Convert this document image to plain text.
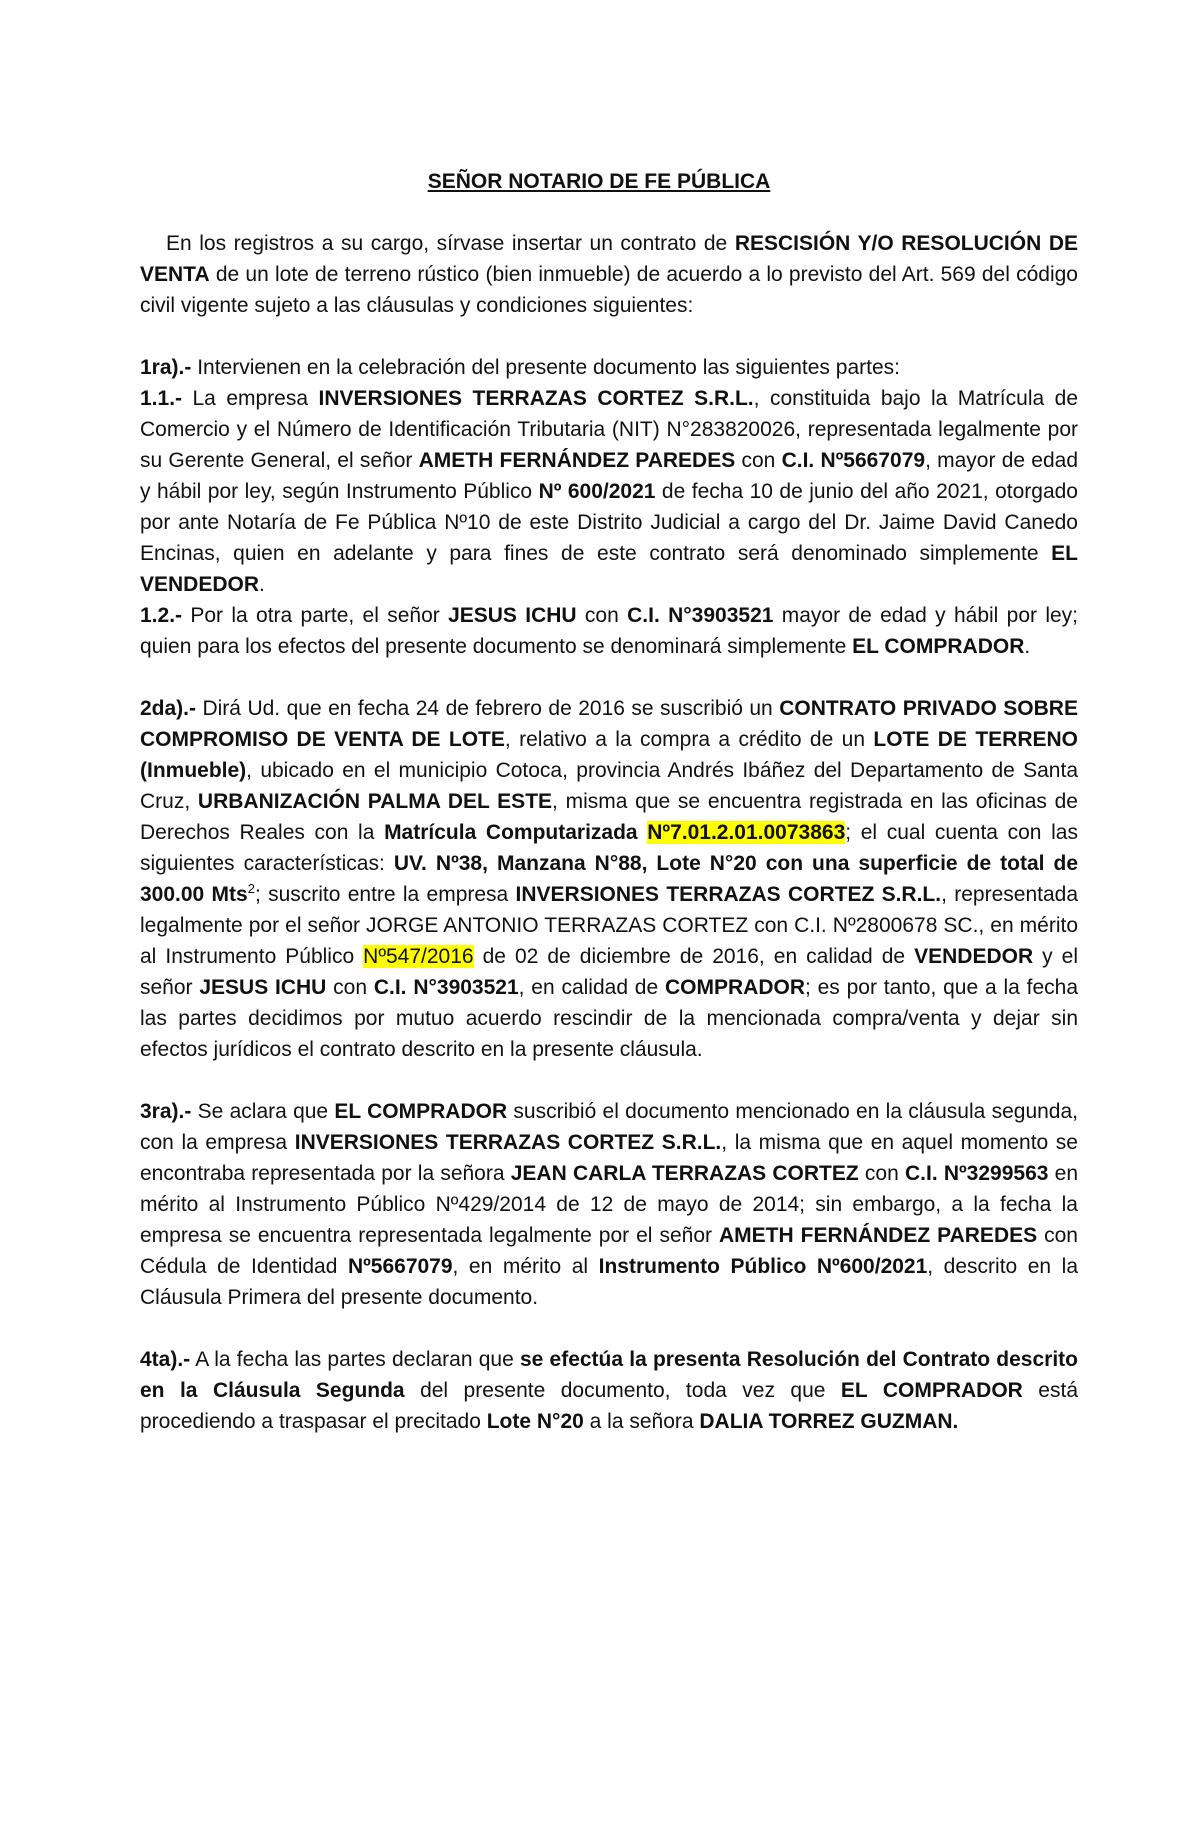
SEÑOR NOTARIO DE FE PÚBLICA

En los registros a su cargo, sírvase insertar un contrato de RESCISIÓN Y/O RESOLUCIÓN DE VENTA de un lote de terreno rústico (bien inmueble) de acuerdo a lo previsto del Art. 569 del código civil vigente sujeto a las cláusulas y condiciones siguientes:

1ra).- Intervienen en la celebración del presente documento las siguientes partes:

1.1.- La empresa INVERSIONES TERRAZAS CORTEZ S.R.L., constituida bajo la Matrícula de Comercio y el Número de Identificación Tributaria (NIT) N°283820026, representada legalmente por su Gerente General, el señor AMETH FERNÁNDEZ PAREDES con C.I. Nº5667079, mayor de edad y hábil por ley, según Instrumento Público Nº 600/2021 de fecha 10 de junio del año 2021, otorgado por ante Notaría de Fe Pública Nº10 de este Distrito Judicial a cargo del Dr. Jaime David Canedo Encinas, quien en adelante y para fines de este contrato será denominado simplemente EL VENDEDOR.

1.2.- Por la otra parte, el señor JESUS ICHU con C.I. N°3903521 mayor de edad y hábil por ley; quien para los efectos del presente documento se denominará simplemente EL COMPRADOR.

2da).- Dirá Ud. que en fecha 24 de febrero de 2016 se suscribió un CONTRATO PRIVADO SOBRE COMPROMISO DE VENTA DE LOTE, relativo a la compra a crédito de un LOTE DE TERRENO (Inmueble), ubicado en el municipio Cotoca, provincia Andrés Ibáñez del Departamento de Santa Cruz, URBANIZACIÓN PALMA DEL ESTE, misma que se encuentra registrada en las oficinas de Derechos Reales con la Matrícula Computarizada Nº7.01.2.01.0073863; el cual cuenta con las siguientes características: UV. Nº38, Manzana N°88, Lote N°20 con una superficie de total de 300.00 Mts$^2$; suscrito entre la empresa INVERSIONES TERRAZAS CORTEZ S.R.L., representada legalmente por el señor JORGE ANTONIO TERRAZAS CORTEZ con C.I. Nº2800678 SC., en mérito al Instrumento Público Nº547/2016 de 02 de diciembre de 2016, en calidad de VENDEDOR y el señor JESUS ICHU con C.I. N°3903521, en calidad de COMPRADOR; es por tanto, que a la fecha las partes decidimos por mutuo acuerdo rescindir de la mencionada compra/venta y dejar sin efectos jurídicos el contrato descrito en la presente cláusula.

3ra).- Se aclara que EL COMPRADOR suscribió el documento mencionado en la cláusula segunda, con la empresa INVERSIONES TERRAZAS CORTEZ S.R.L., la misma que en aquel momento se encontraba representada por la señora JEAN CARLA TERRAZAS CORTEZ con C.I. Nº3299563 en mérito al Instrumento Público Nº429/2014 de 12 de mayo de 2014; sin embargo, a la fecha la empresa se encuentra representada legalmente por el señor AMETH FERNÁNDEZ PAREDES con Cédula de Identidad Nº5667079, en mérito al Instrumento Público Nº600/2021, descrito en la Cláusula Primera del presente documento.

4ta).- A la fecha las partes declaran que se efectúa la presenta Resolución del Contrato descrito en la Cláusula Segunda del presente documento, toda vez que EL COMPRADOR está procediendo a traspasar el precitado Lote N°20 a la señora DALIA TORREZ GUZMAN.
